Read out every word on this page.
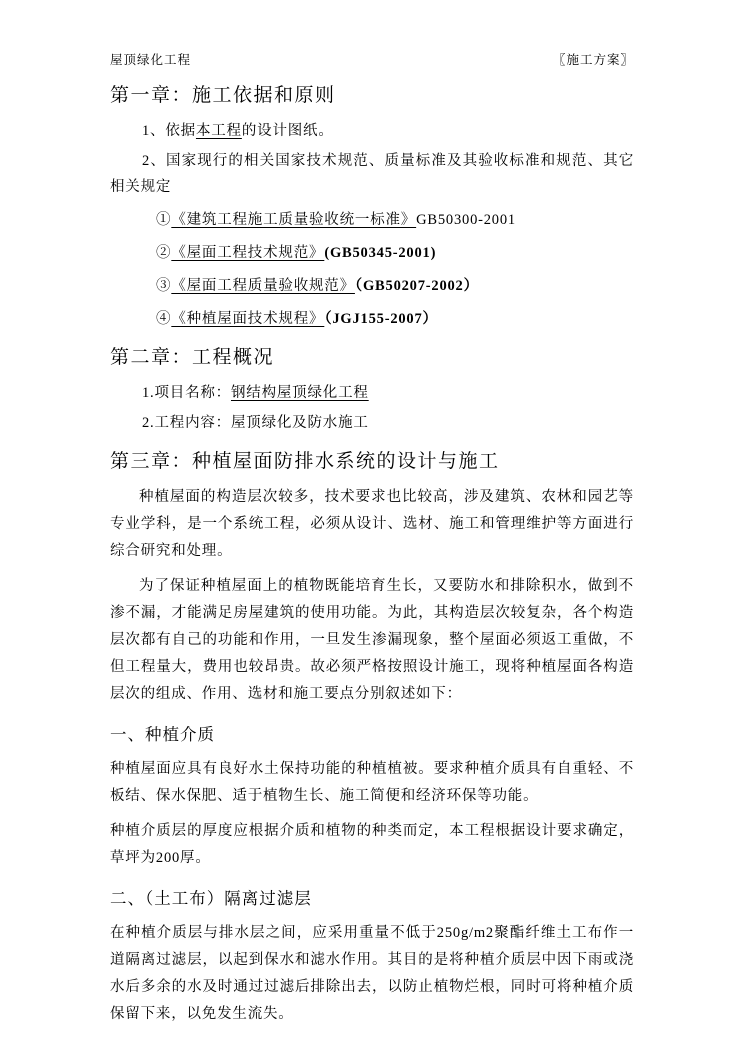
屋顶绿化工程	〖施工方案〗
第一章：施工依据和原则
1、依据本工程的设计图纸。
2、国家现行的相关国家技术规范、质量标准及其验收标准和规范、其它相关规定
①《建筑工程施工质量验收统一标准》GB50300-2001
②《屋面工程技术规范》(GB50345-2001)
③《屋面工程质量验收规范》（GB50207-2002）
④《种植屋面技术规程》（JGJ155-2007）
第二章：工程概况
1.项目名称：钢结构屋顶绿化工程
2.工程内容：屋顶绿化及防水施工
第三章：种植屋面防排水系统的设计与施工
种植屋面的构造层次较多，技术要求也比较高，涉及建筑、农林和园艺等专业学科，是一个系统工程，必须从设计、选材、施工和管理维护等方面进行综合研究和处理。
为了保证种植屋面上的植物既能培育生长，又要防水和排除积水，做到不渗不漏，才能满足房屋建筑的使用功能。为此，其构造层次较复杂，各个构造层次都有自己的功能和作用，一旦发生渗漏现象，整个屋面必须返工重做，不但工程量大，费用也较昂贵。故必须严格按照设计施工，现将种植屋面各构造层次的组成、作用、选材和施工要点分别叙述如下：
一、种植介质
种植屋面应具有良好水土保持功能的种植植被。要求种植介质具有自重轻、不板结、保水保肥、适于植物生长、施工简便和经济环保等功能。
种植介质层的厚度应根据介质和植物的种类而定，本工程根据设计要求确定，草坪为200厚。
二、（土工布）隔离过滤层
在种植介质层与排水层之间，应采用重量不低于250g/m2聚酯纤维土工布作一道隔离过滤层，以起到保水和滤水作用。其目的是将种植介质层中因下雨或浇水后多余的水及时通过过滤后排除出去，以防止植物烂根，同时可将种植介质保留下来，以免发生流失。
